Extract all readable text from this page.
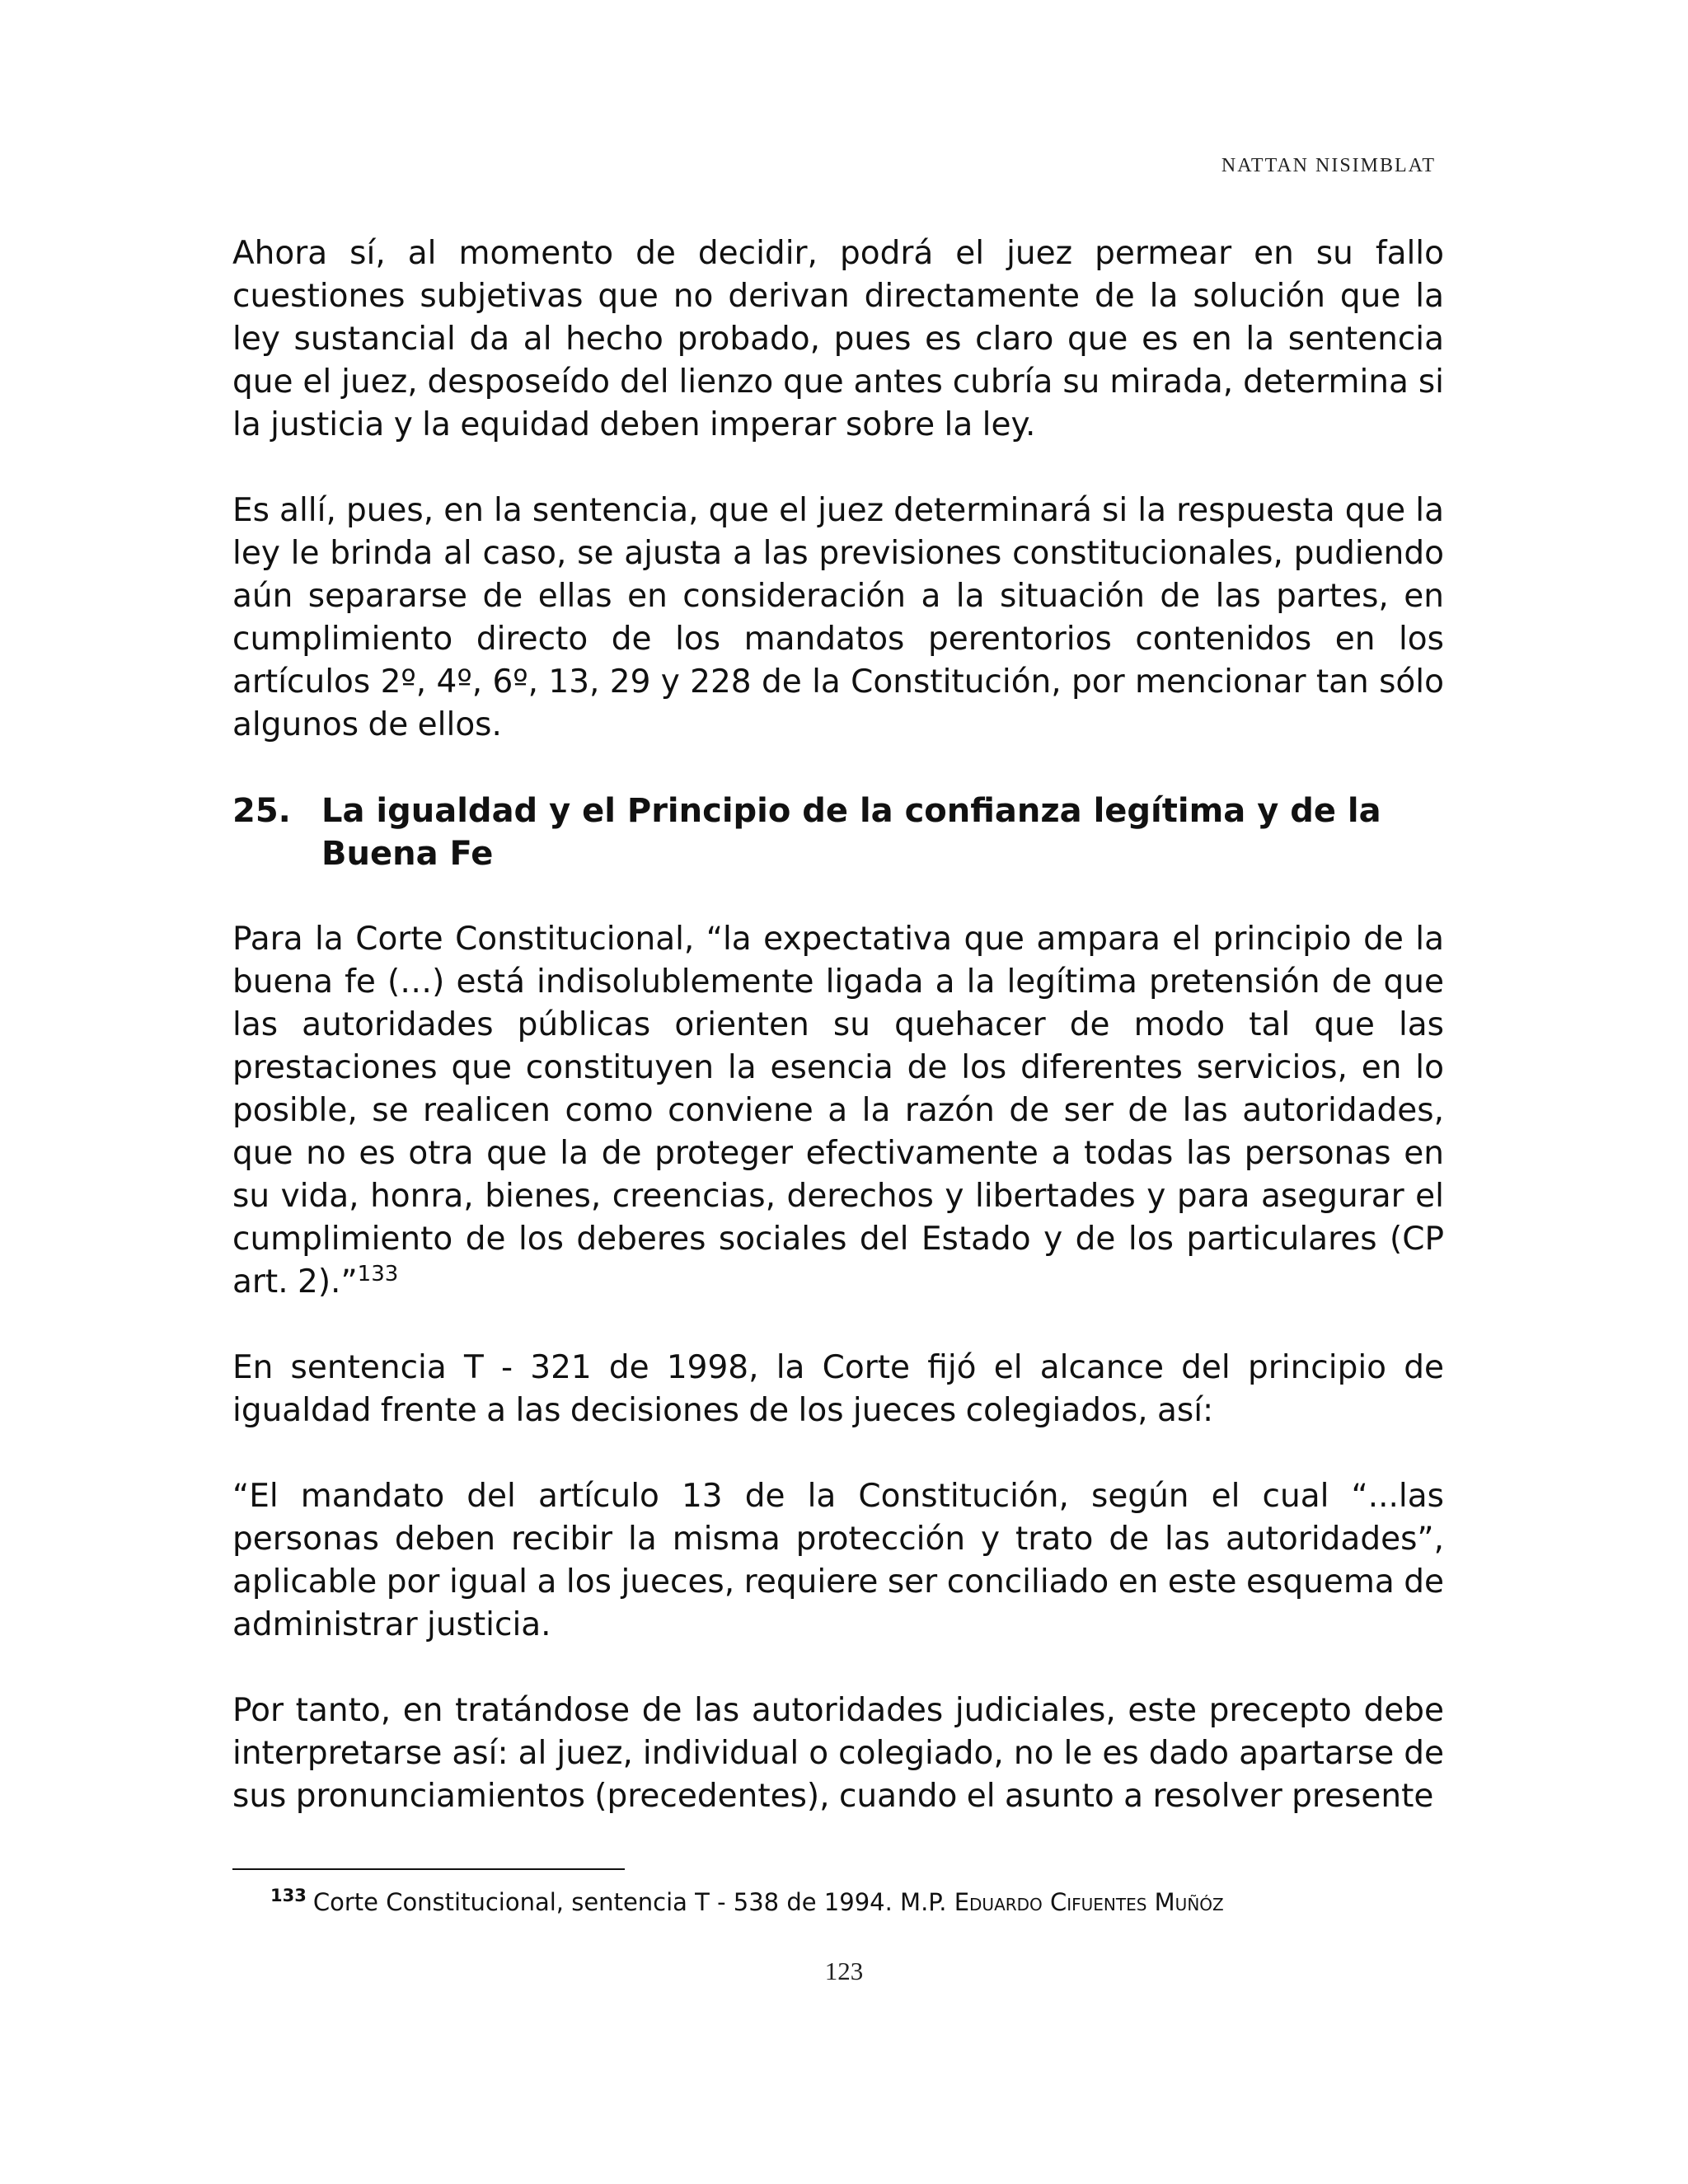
NATTAN NISIMBLAT

Ahora sí, al momento de decidir, podrá el juez permear en su fallo cuestiones subjetivas que no derivan directamente de la solución que la ley sustancial da al hecho probado, pues es claro que es en la sentencia que el juez, desposeído del lienzo que antes cubría su mirada, determina si la justicia y la equidad deben imperar sobre la ley.

Es allí, pues, en la sentencia, que el juez determinará si la respuesta que la ley le brinda al caso, se ajusta a las previsiones constitucionales, pudiendo aún separarse de ellas en consideración a la situación de las partes, en cumplimiento directo de los mandatos perentorios contenidos en los artículos 2º, 4º, 6º, 13, 29 y 228 de la Constitución, por mencionar tan sólo algunos de ellos.

25. La igualdad y el Principio de la confianza legítima y de la Buena Fe

Para la Corte Constitucional, “la expectativa que ampara el principio de la buena fe (…) está indisolublemente ligada a la legítima pretensión de que las autoridades públicas orienten su quehacer de modo tal que las prestaciones que constituyen la esencia de los diferentes servicios, en lo posible, se realicen como conviene a la razón de ser de las autoridades, que no es otra que la de proteger efectivamente a todas las personas en su vida, honra, bienes, creencias, derechos y libertades y para asegurar el cumplimiento de los deberes sociales del Estado y de los particulares (CP art. 2).”$^{133}$

En sentencia T - 321 de 1998, la Corte fijó el alcance del principio de igualdad frente a las decisiones de los jueces colegiados, así:

“El mandato del artículo 13 de la Constitución, según el cual “...las personas deben recibir la misma protección y trato de las autoridades”, aplicable por igual a los jueces, requiere ser conciliado en este esquema de administrar justicia.

Por tanto, en tratándose de las autoridades judiciales, este precepto debe interpretarse así: al juez, individual o colegiado, no le es dado apartarse de sus pronunciamientos (precedentes), cuando el asunto a resolver presente

$^{133}$ Corte Constitucional, sentencia T - 538 de 1994. M.P. Eduardo Cifuentes Muñóz
123
